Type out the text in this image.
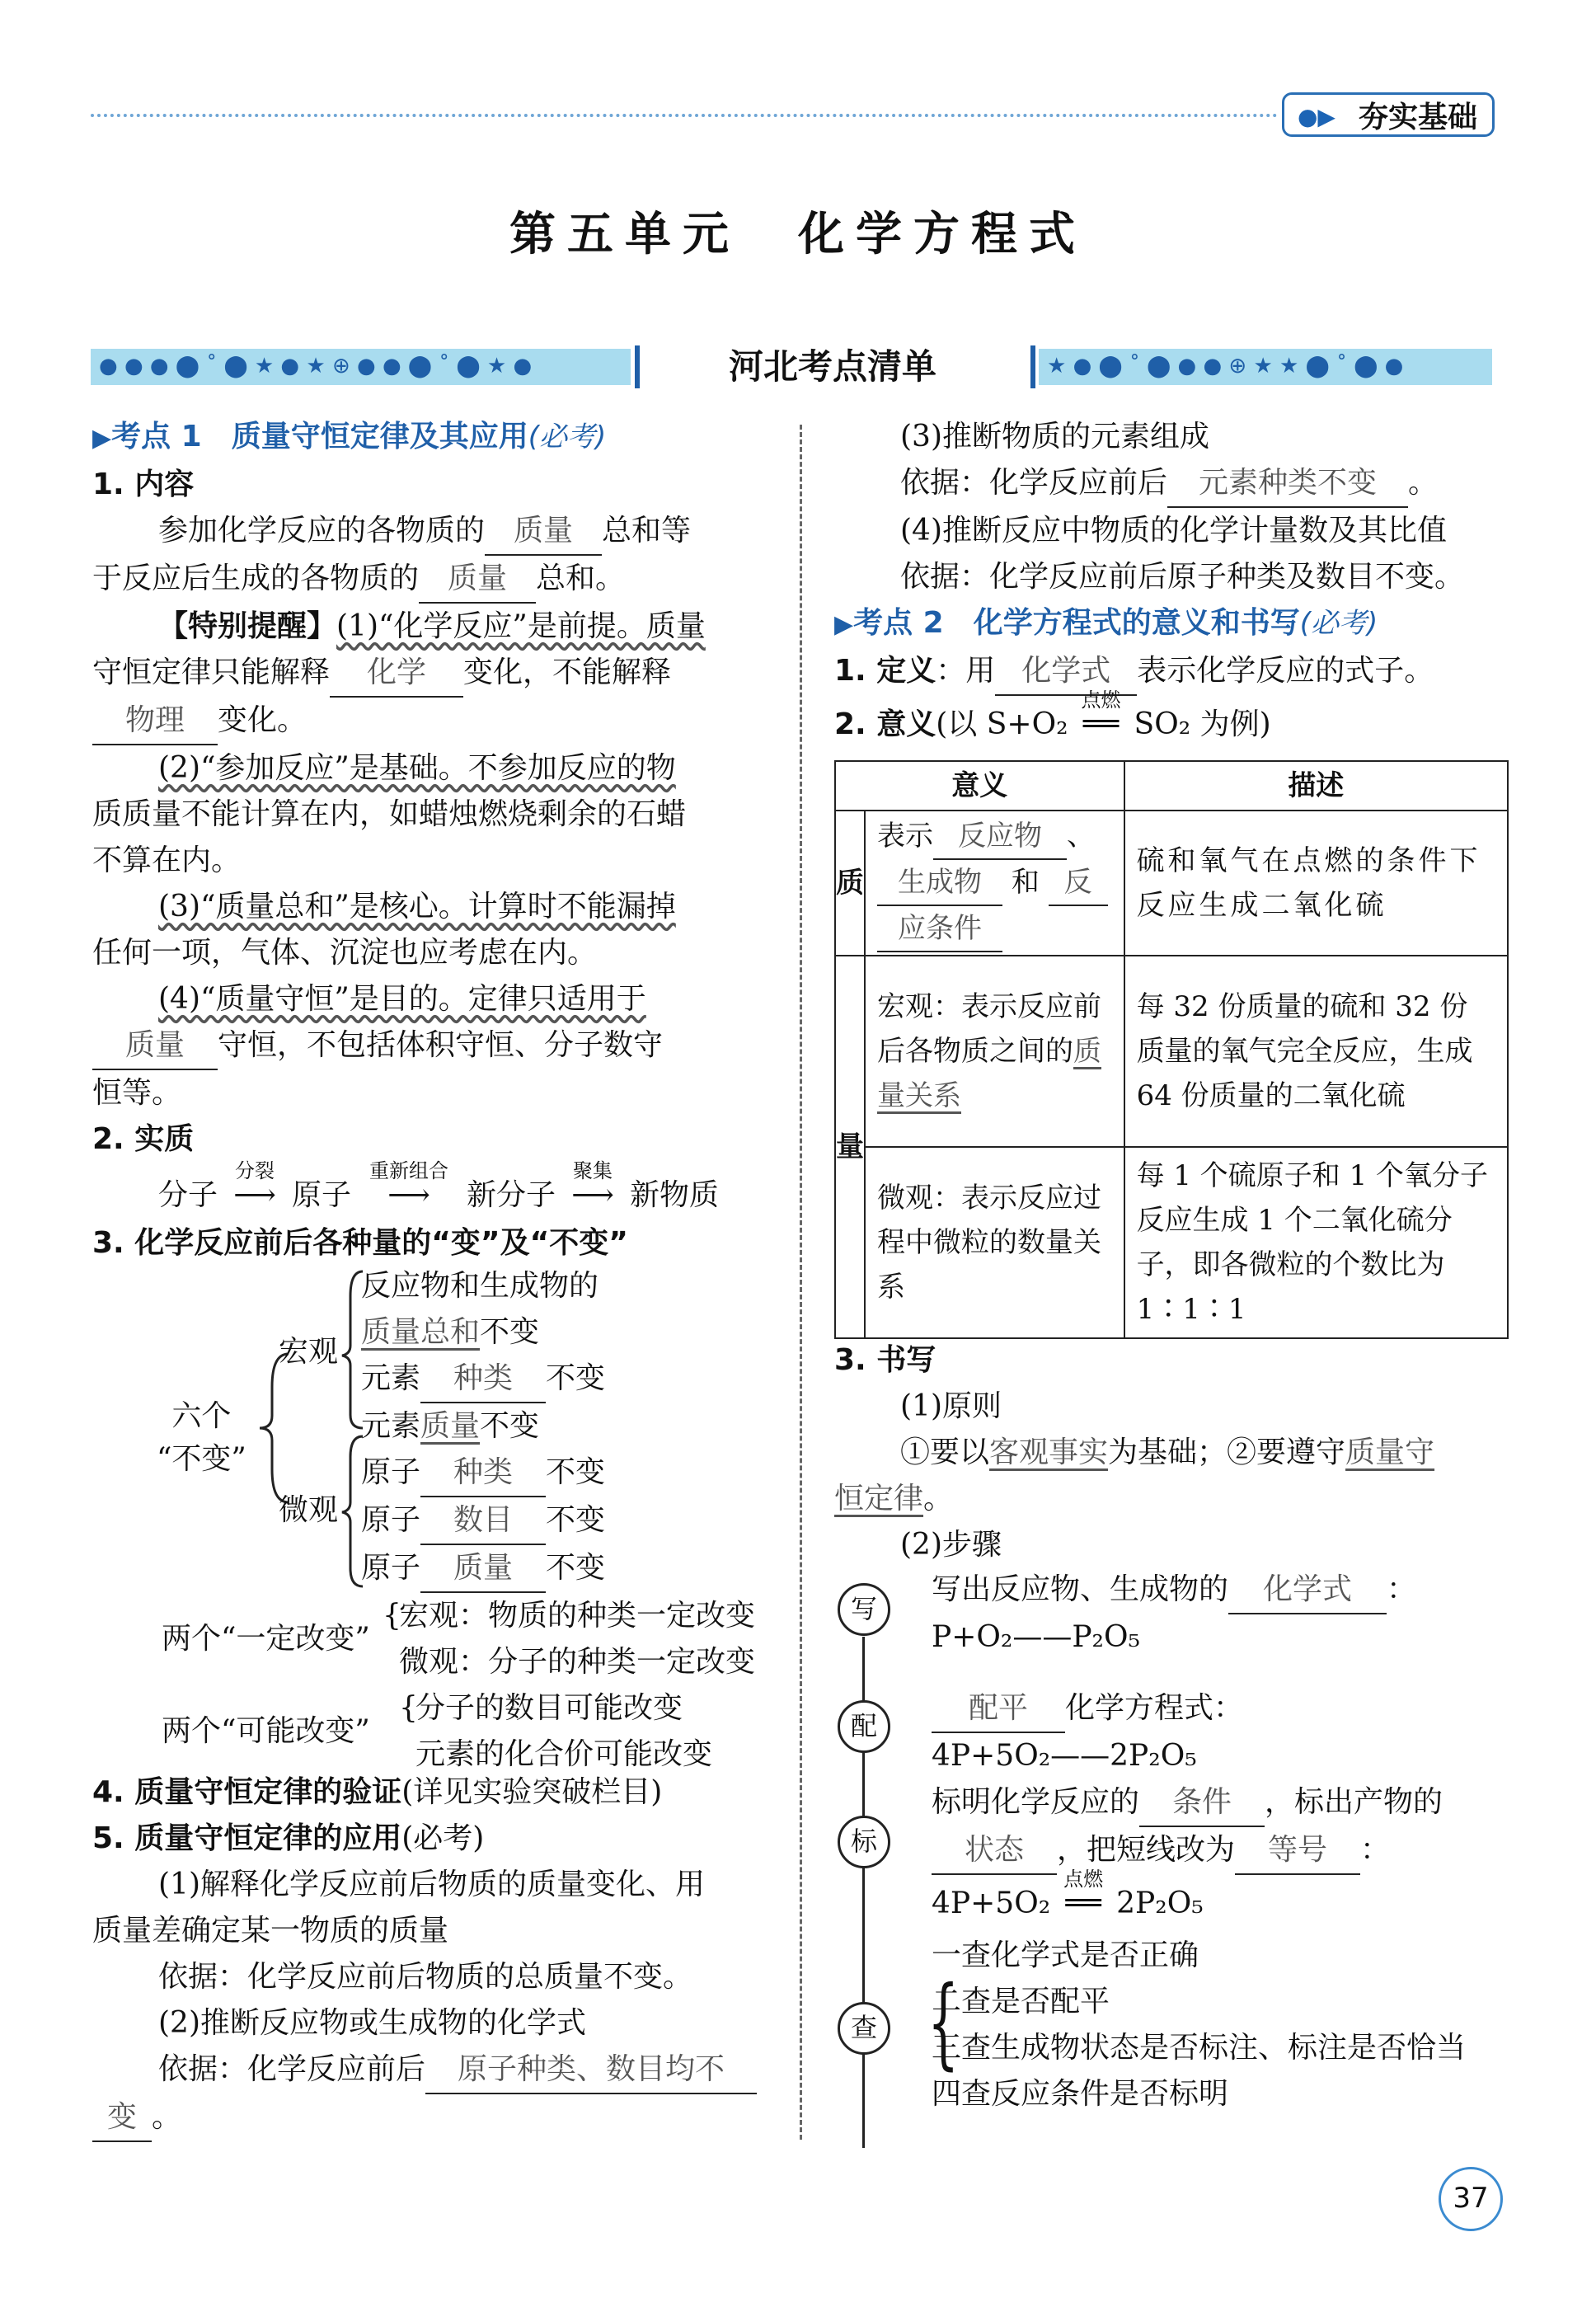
●▶ 夯实基础
第五单元　化学方程式
● ● ● ⬤ ˚ ⬤ ★ ● ★ ⊕ ● ● ⬤ ˚ ⬤ ★ ●	河北考点清单	★ ● ⬤ ˚ ⬤ ● ● ⊕ ★ ★ ⬤ ˚ ⬤ ●
▶考点 1　 质量守恒定律及其应用(必考)
1. 内容
参加化学反应的各物质的 质量 总和等
于反应后生成的各物质的 质量 总和。
【特别提醒】(1)“化学反应”是前提。质量
守恒定律只能解释 化学 变化，不能解释
物理 变化。
(2)“参加反应”是基础。不参加反应的物
质质量不能计算在内，如蜡烛燃烧剩余的石蜡
不算在内。
(3)“质量总和”是核心。计算时不能漏掉
任何一项，气体、沉淀也应考虑在内。
(4)“质量守恒”是目的。定律只适用于
质量 守恒，不包括体积守恒、分子数守
恒等。
2. 实质
分子 ⟶
分裂
原子 ⟶
重新组合
新分子 ⟶
聚集
新物质
3. 化学反应前后各种量的“变”及“不变”
六个
“不变”
宏观
微观
反应物和生成物的
质量总和不变
元素 种类 不变
元素质量不变
原子 种类 不变
原子 数目 不变
原子 质量 不变
两个“一定改变”
{
宏观：物质的种类一定改变
微观：分子的种类一定改变
两个“可能改变”
{
分子的数目可能改变
元素的化合价可能改变
4. 质量守恒定律的验证(详见实验突破栏目)
5. 质量守恒定律的应用(必考)
(1)解释化学反应前后物质的质量变化、用
质量差确定某一物质的质量
依据：化学反应前后物质的总质量不变。
(2)推断反应物或生成物的化学式
依据：化学反应前后 原子种类、数目均不
变 。
(3)推断物质的元素组成
依据：化学反应前后 元素种类不变 。
(4)推断反应中物质的化学计量数及其比值
依据：化学反应前后原子种类及数目不变。
▶考点 2　 化学方程式的意义和书写(必考)
1. 定义：用 化学式 表示化学反应的式子。
2. 意义(以 S+O₂ ══
点燃
SO₂ 为例)
意义		描述
质	表示 反应物 、
生成物 和 反
应条件	硫和氧气在点燃的条件下反应生成二氧化硫
量	宏观：表示反应前后各物质之间的质量关系	每 32 份质量的硫和 32 份质量的氧气完全反应，生成 64 份质量的二氧化硫
	微观：表示反应过程中微粒的数量关系	每 1 个硫原子和 1 个氧分子反应生成 1 个二氧化硫分子，即各微粒的个数比为 1∶1∶1
3. 书写
(1)原则
①要以客观事实为基础；②要遵守质量守
恒定律。
(2)步骤
写
配
标
查
写出反应物、生成物的 化学式 ：
P+O₂——P₂O₅
配平 化学方程式：
4P+5O₂——2P₂O₅
标明化学反应的 条件 ，标出产物的
状态 ，把短线改为 等号 ：
4P+5O₂ ══
点燃
2P₂O₅
{
一查化学式是否正确
二查是否配平
三查生成物状态是否标注、标注是否恰当
四查反应条件是否标明
37
